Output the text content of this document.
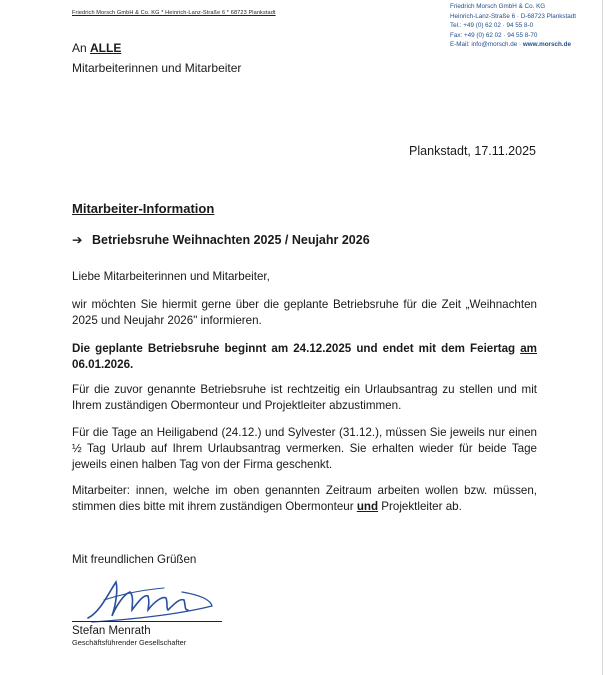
Friedrich Morsch GmbH & Co. KG * Heinrich-Lanz-Straße 6 * 68723 Plankstadt
Friedrich Morsch GmbH & Co. KG
Heinrich-Lanz-Straße 6 · D-68723 Plankstadt
Tel.: +49 (0) 62 02 · 94 55 8-0
Fax: +49 (0) 62 02 · 94 55 8-70
E-Mail: info@morsch.de · www.morsch.de
An ALLE
Mitarbeiterinnen und Mitarbeiter
Plankstadt, 17.11.2025
Mitarbeiter-Information
➔ Betriebsruhe Weihnachten 2025 / Neujahr 2026
Liebe Mitarbeiterinnen und Mitarbeiter,
wir möchten Sie hiermit gerne über die geplante Betriebsruhe für die Zeit „Weihnachten 2025 und Neujahr 2026" informieren.
Die geplante Betriebsruhe beginnt am 24.12.2025 und endet mit dem Feiertag am 06.01.2026.
Für die zuvor genannte Betriebsruhe ist rechtzeitig ein Urlaubsantrag zu stellen und mit Ihrem zuständigen Obermonteur und Projektleiter abzustimmen.
Für die Tage an Heiligabend (24.12.) und Sylvester (31.12.), müssen Sie jeweils nur einen ½ Tag Urlaub auf Ihrem Urlaubsantrag vermerken. Sie erhalten wieder für beide Tage jeweils einen halben Tag von der Firma geschenkt.
Mitarbeiter: innen, welche im oben genannten Zeitraum arbeiten wollen bzw. müssen, stimmen dies bitte mit ihrem zuständigen Obermonteur und Projektleiter ab.
Mit freundlichen Grüßen
Stefan Menrath
Geschäftsführender Gesellschafter
